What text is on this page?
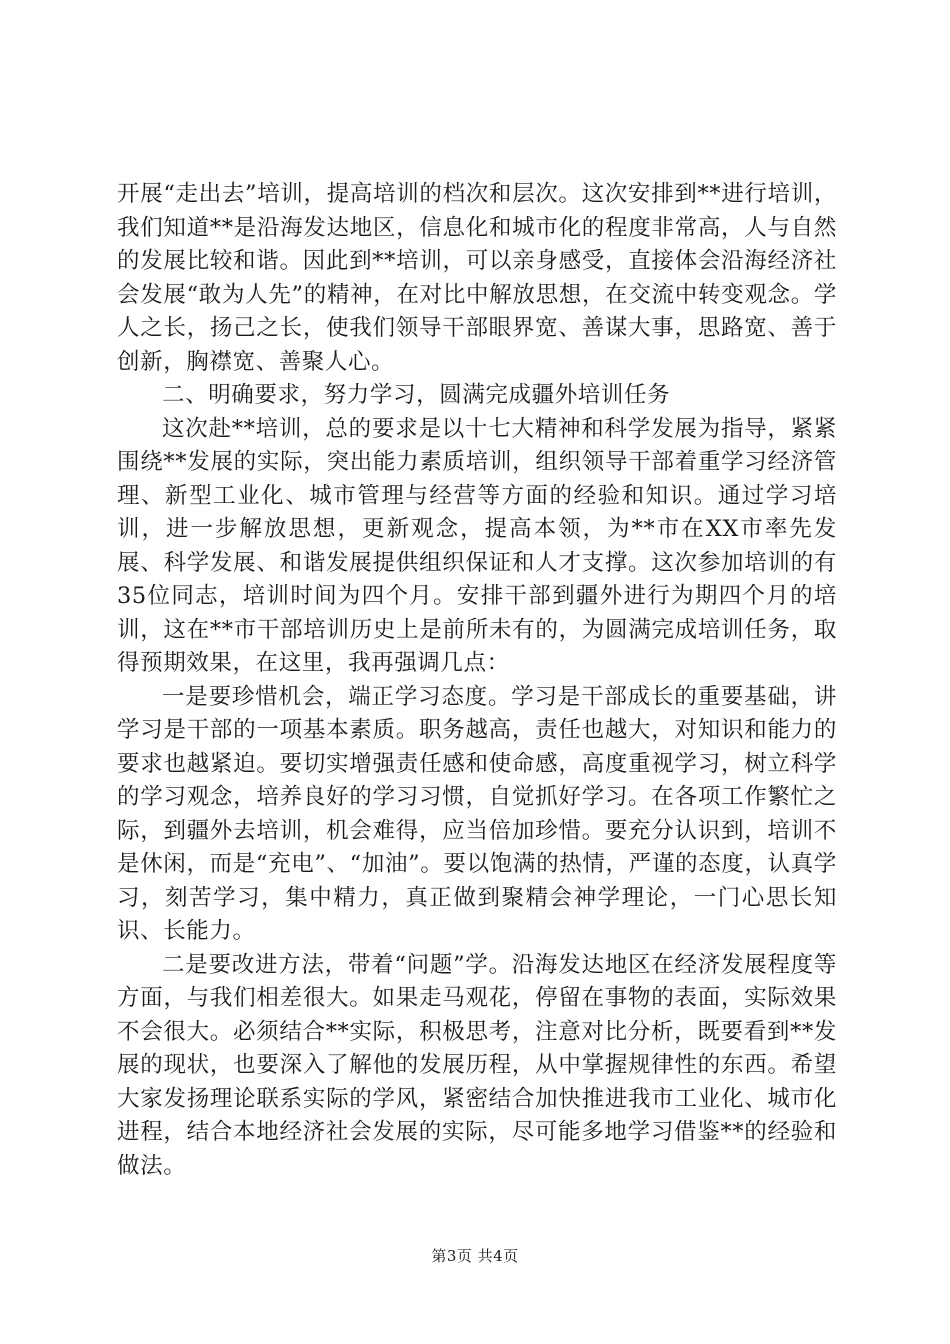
开展“走出去”培训，提高培训的档次和层次。这次安排到**进行培训，我们知道**是沿海发达地区，信息化和城市化的程度非常高，人与自然的发展比较和谐。因此到**培训，可以亲身感受，直接体会沿海经济社会发展“敢为人先”的精神，在对比中解放思想，在交流中转变观念。学人之长，扬己之长，使我们领导干部眼界宽、善谋大事，思路宽、善于创新，胸襟宽、善聚人心。

二、明确要求，努力学习，圆满完成疆外培训任务

这次赴**培训，总的要求是以十七大精神和科学发展为指导，紧紧围绕**发展的实际，突出能力素质培训，组织领导干部着重学习经济管理、新型工业化、城市管理与经营等方面的经验和知识。通过学习培训，进一步解放思想，更新观念，提高本领，为**市在XX市率先发展、科学发展、和谐发展提供组织保证和人才支撑。这次参加培训的有35位同志，培训时间为四个月。安排干部到疆外进行为期四个月的培训，这在**市干部培训历史上是前所未有的，为圆满完成培训任务，取得预期效果，在这里，我再强调几点：

一是要珍惜机会，端正学习态度。学习是干部成长的重要基础，讲学习是干部的一项基本素质。职务越高，责任也越大，对知识和能力的要求也越紧迫。要切实增强责任感和使命感，高度重视学习，树立科学的学习观念，培养良好的学习习惯，自觉抓好学习。在各项工作繁忙之际，到疆外去培训，机会难得，应当倍加珍惜。要充分认识到，培训不是休闲，而是“充电”、“加油”。要以饱满的热情，严谨的态度，认真学习，刻苦学习，集中精力，真正做到聚精会神学理论，一门心思长知识、长能力。

二是要改进方法，带着“问题”学。沿海发达地区在经济发展程度等方面，与我们相差很大。如果走马观花，停留在事物的表面，实际效果不会很大。必须结合**实际，积极思考，注意对比分析，既要看到**发展的现状，也要深入了解他的发展历程，从中掌握规律性的东西。希望大家发扬理论联系实际的学风，紧密结合加快推进我市工业化、城市化进程，结合本地经济社会发展的实际，尽可能多地学习借鉴**的经验和做法。

第3页 共4页
